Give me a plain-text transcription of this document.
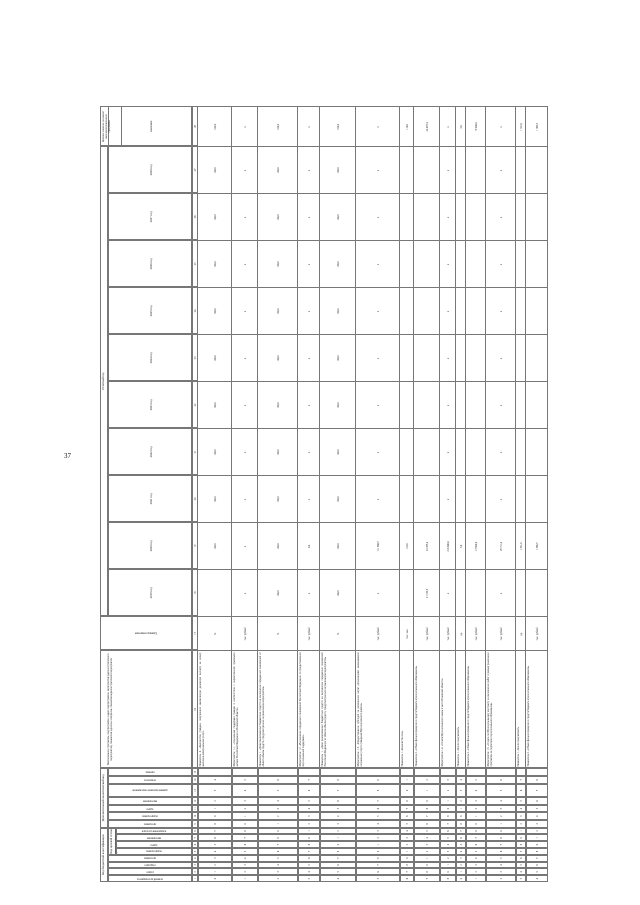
37
Код бюджетной классификации	Код целевой статьи расходов бюджета
Дополнительный аналитический код
Отчетный год
главный распорядитель
раздел
подраздел
программа
подпрограмма
задача
мероприятие
направление расходов
программа
подпрограмма
задача
мероприятие
административное мероприятие
показатель
признак
Наименование программы, подпрограммы, задачи подпрограммы, мероприятия (административного мероприятия), показателя, единицы измерения, показателя административного мероприятия
Единица измерения
2019 год
2020 год
2021 год
2022 год
2023 год
2024 год
2025 год
2026 год
2027 год
2028 год
значение
Целевое значение на момент окончания реализации программы
1
2
3
4
5
6
7
8
9
10
11
12
13
14
15
16
17
18
19
20
21
22
23
24
25
26
27
28
0
1
2
3
4
5
6
7
8
0
1
2
3
4
Показатель 4. «Количество граждан, получивших ежемесячную денежную выплату на оплату жилищно-коммунальных услуг»
%
100,0
100,0
100,0
100,0
100,0
100,0
100,0
100,0
100,0
100,0
1
2
3
4
5
6
7
8
0
1
2
3
4
5
Мероприятие 1.1. «Социальная поддержка граждан в соответствии с нормативными правовыми актами Российской Федерации и Псковской области»
тыс. рублей
х
х
х
х
х
х
х
х
х
х
х
2
3
4
5
6
7
8
0
1
2
3
4
5
6
Показатель 1. «Доля реализованных бюджетных средств на выполнение переданных полномочий от общего объема средств, предусмотренных на реализацию мероприятия»
%
100,0
100,0
100,0
100,0
100,0
100,0
100,0
100,0
100,0
100,0
100,0
3
4
5
6
7
8
0
1
2
3
4
5
6
7
Мероприятие 1.2. «Выполнение переданных полномочий Российской Федерации по предоставлению мер социальной поддержки»
тыс. рублей
х
0,0
х
х
х
х
х
х
х
х
х
4
5
6
7
8
0
1
2
3
4
5
6
7
8
Показатель 1. «Доля реализованных бюджетных средств на выполнение переданных полномочий Российской Федерации от общего объема средств, предусмотренных на реализацию мероприятия»
%
100,0
100,0
100,0
100,0
100,0
100,0
100,0
100,0
100,0
100,0
100,0
5
6
7
8
0
1
2
3
4
5
6
7
8
0
Мероприятие 1.3. «Предоставление субсидий на возмещение затрат организациям, оказывающим социальные услуги гражданам Муниципального района»
тыс. рублей
х
111 368,7
х
х
х
х
х
х
х
х
х
6
7
8
0
1
2
3
4
5
6
7
8
0
1
Показатель 1. «Количество лиц»
тыс. чел.
110,0
110,0
7
8
0
1
2
3
4
5
6
7
8
0
1
2
Показатель 2. «Объем финансирования из средств бюджета муниципального образования»
тыс. рублей
21 183,9
22 477,4
22 477,4
8
0
1
2
3
4
5
6
7
8
0
1
2
3
Мероприятие 1.4. «Оплата Муниципального заказа в части Псковской области»
тыс. рублей
х
210 000,0
х
х
х
х
х
х
х
х
х
0
1
2
3
4
5
6
7
8
0
1
2
3
4
Показатель 1. «Число получателей»
ед.
5,0
5,0
1
2
3
4
5
6
7
8
0
1
2
3
4
5
Показатель 2. «Объем финансирования из средств бюджета муниципального образования»
тыс. рублей
17 000,0
17 000,0
2
3
4
5
6
7
8
0
1
2
3
4
5
6
Мероприятие 1.5. «Оплата по Муниципальному контракту на выполнение работ в рамках реализации программы на территории муниципального образования»
тыс. рублей
х
29 711,4
х
х
х
х
х
х
х
х
х
3
4
5
6
7
8
0
1
2
3
4
5
6
7
Показатель 1. «Число получателей»
ед.
1 321,0
1 321,0
4
5
6
7
8
0
1
2
3
4
5
6
7
8
Показатель 2. «Объем финансирования из средств бюджета муниципального образования»
тыс. рублей
1 369,7
1 369,7
